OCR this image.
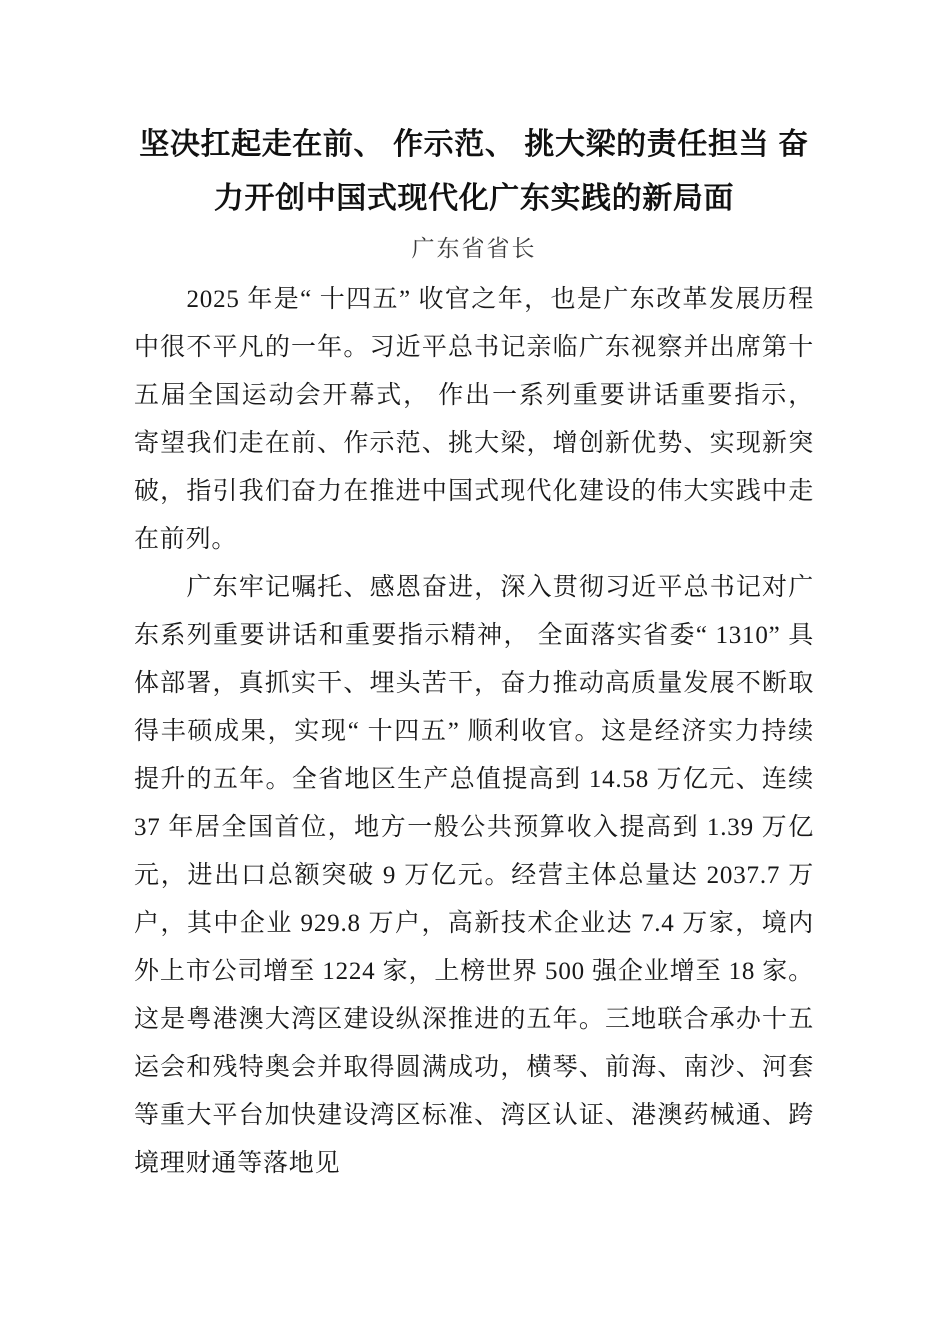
坚决扛起走在前、 作示范、 挑大梁的责任担当 奋
力开创中国式现代化广东实践的新局面
广东省省长

2025 年是“ 十四五” 收官之年，也是广东改革发展历程中很不平凡的一年。习近平总书记亲临广东视察并出席第十五届全国运动会开幕式， 作出一系列重要讲话重要指示， 寄望我们走在前、作示范、挑大梁，增创新优势、实现新突破，指引我们奋力在推进中国式现代化建设的伟大实践中走在前列。

广东牢记嘱托、感恩奋进，深入贯彻习近平总书记对广东系列重要讲话和重要指示精神， 全面落实省委“ 1310” 具体部署，真抓实干、埋头苦干，奋力推动高质量发展不断取得丰硕成果，实现“ 十四五” 顺利收官。这是经济实力持续提升的五年。全省地区生产总值提高到 14.58 万亿元、连续 37 年居全国首位，地方一般公共预算收入提高到 1.39 万亿元，进出口总额突破 9 万亿元。经营主体总量达 2037.7 万户，其中企业 929.8 万户，高新技术企业达 7.4 万家，境内外上市公司增至 1224 家，上榜世界 500 强企业增至 18 家。这是粤港澳大湾区建设纵深推进的五年。三地联合承办十五运会和残特奥会并取得圆满成功，横琴、前海、南沙、河套等重大平台加快建设湾区标准、湾区认证、港澳药械通、跨境理财通等落地见
